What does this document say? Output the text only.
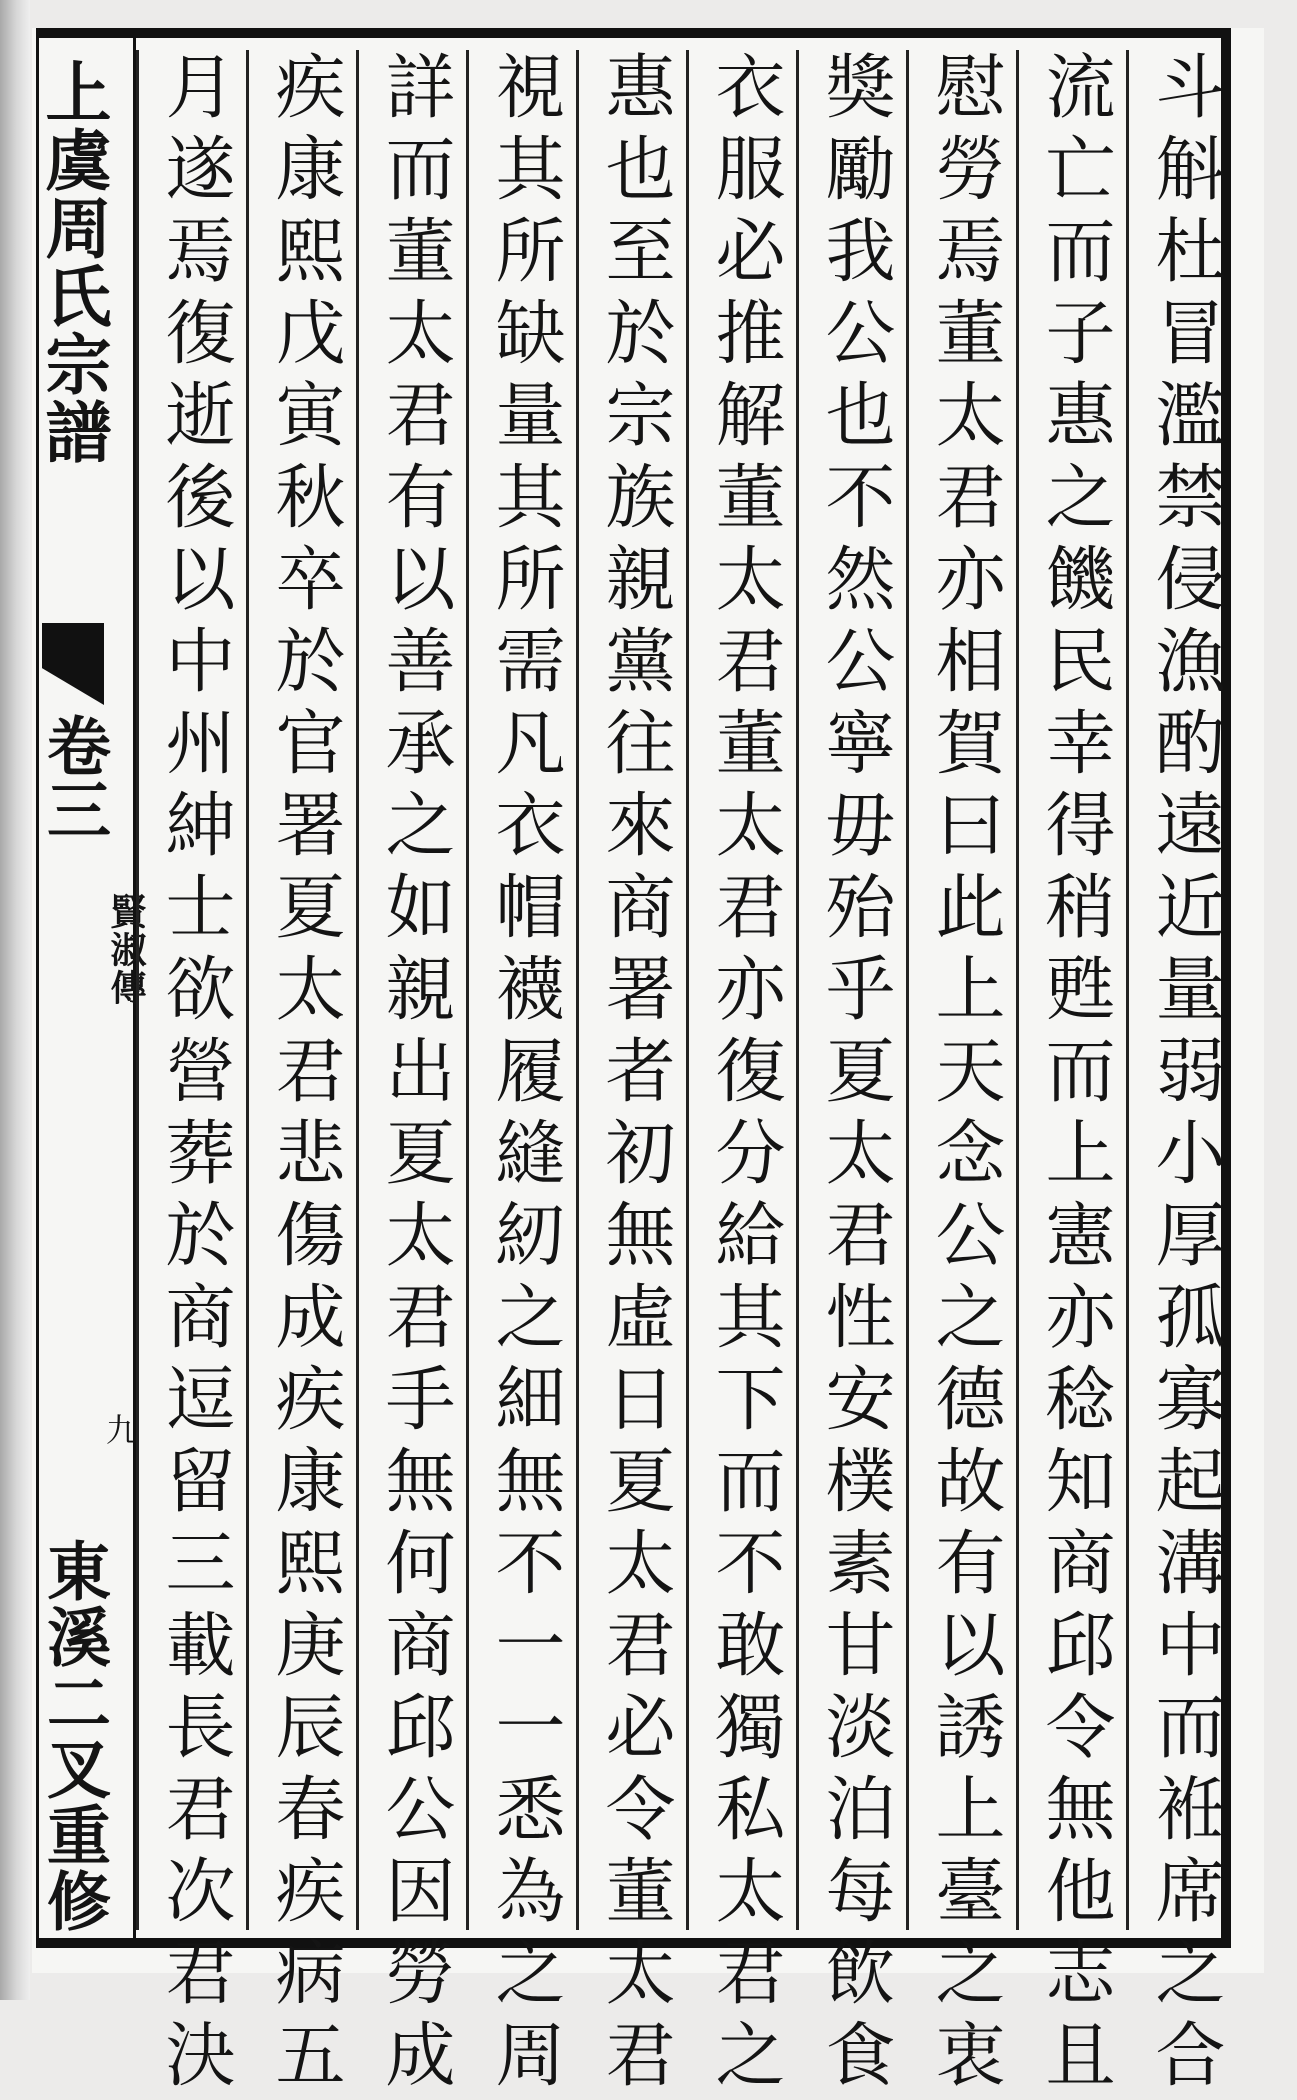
上虞周氏宗譜
卷三
賢淑傳
九
東溪二叉重修 月遂焉復逝後以中州紳士欲營葬於商逗留三載長君次君決 疾康熙戊寅秋卒於官署夏太君悲傷成疾康熙庚辰春疾病五 詳而董太君有以善承之如親出夏太君手無何商邱公因勞成 視其所缺量其所需凡衣帽襪履縫紉之細無不一一悉為之周 惠也至於宗族親黨往來商署者初無虛日夏太君必令董太君 衣服必推解董太君董太君亦復分給其下而不敢獨私太君之 獎勵我公也不然公寧毋殆乎夏太君性安樸素甘淡泊每飲食 慰勞焉董太君亦相賀曰此上天念公之德故有以誘上臺之衷 流亡而子惠之饑民幸得稍甦而上憲亦稔知商邱令無他志且 斗斛杜冒濫禁侵漁酌遠近量弱小厚孤寡起溝中而袵席之合
